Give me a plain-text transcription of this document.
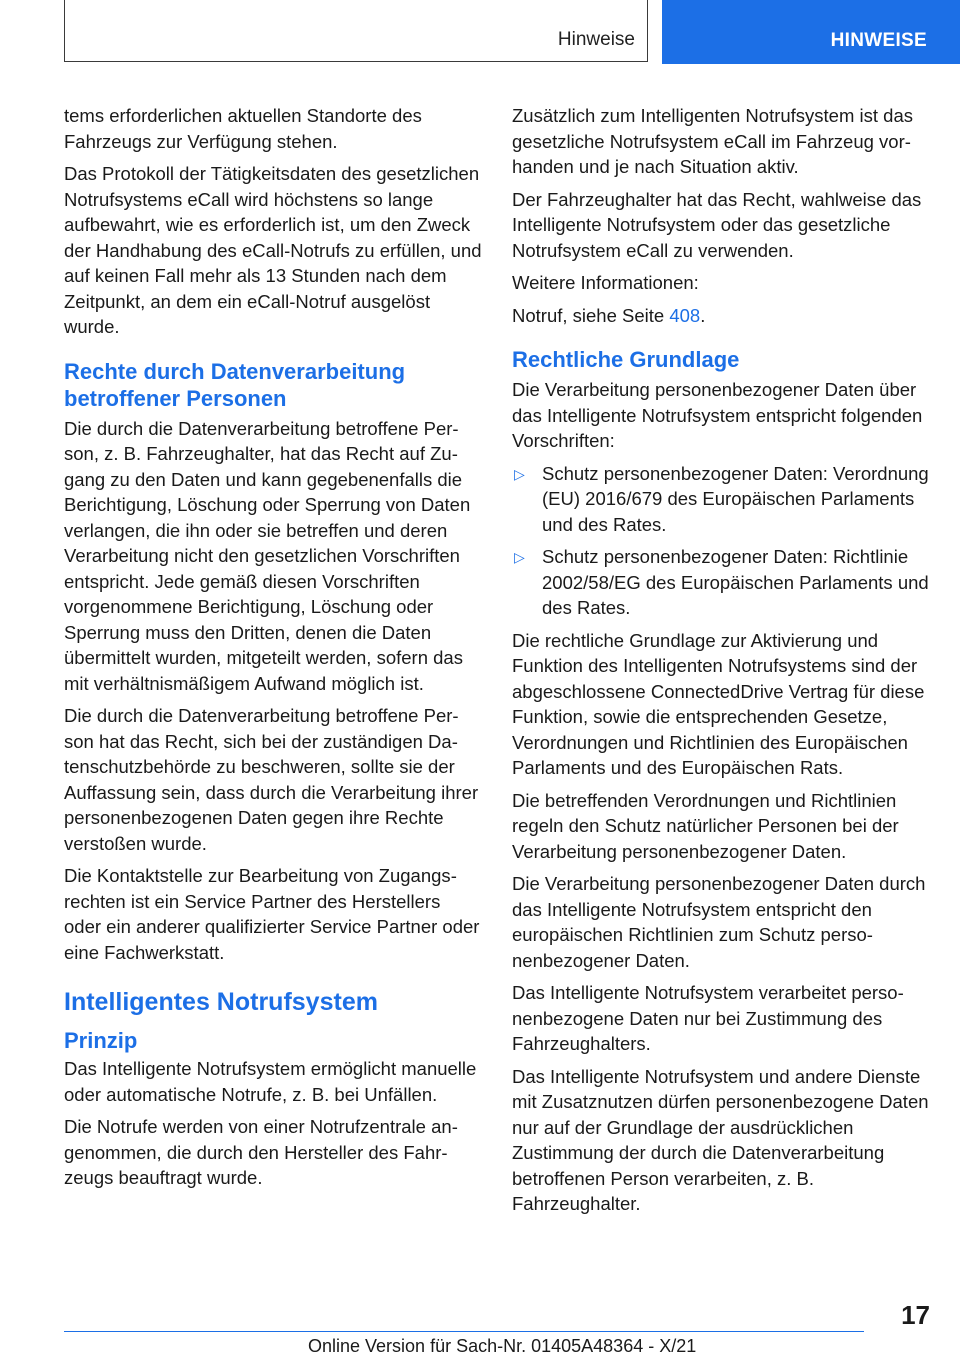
Hinweise	HINWEISE

tems erforderlichen aktuellen Standorte des Fahrzeugs zur Verfügung stehen.

Das Protokoll der Tätigkeitsdaten des gesetzlichen Notrufsystems eCall wird höchstens so lange aufbewahrt, wie es erforderlich ist, um den Zweck der Handhabung des eCall-Notrufs zu erfüllen, und auf keinen Fall mehr als 13 Stunden nach dem Zeitpunkt, an dem ein eCall-Notruf ausgelöst wurde.

Rechte durch Datenverarbeitung betroffener Personen

Die durch die Datenverarbeitung betroffene Person, z. B. Fahrzeughalter, hat das Recht auf Zugang zu den Daten und kann gegebenenfalls die Berichtigung, Löschung oder Sperrung von Daten verlangen, die ihn oder sie betreffen und deren Verarbeitung nicht den gesetzlichen Vorschriften entspricht. Jede gemäß diesen Vorschriften vorgenommene Berichtigung, Löschung oder Sperrung muss den Dritten, denen die Daten übermittelt wurden, mitgeteilt werden, sofern das mit verhältnismäßigem Aufwand möglich ist.

Die durch die Datenverarbeitung betroffene Person hat das Recht, sich bei der zuständigen Datenschutzbehörde zu beschweren, sollte sie der Auffassung sein, dass durch die Verarbeitung ihrer personenbezogenen Daten gegen ihre Rechte verstoßen wurde.

Die Kontaktstelle zur Bearbeitung von Zugangsrechten ist ein Service Partner des Herstellers oder ein anderer qualifizierter Service Partner oder eine Fachwerkstatt.

Intelligentes Notrufsystem
Prinzip

Das Intelligente Notrufsystem ermöglicht manuelle oder automatische Notrufe, z. B. bei Unfällen.

Die Notrufe werden von einer Notrufzentrale angenommen, die durch den Hersteller des Fahrzeugs beauftragt wurde.

Zusätzlich zum Intelligenten Notrufsystem ist das gesetzliche Notrufsystem eCall im Fahrzeug vorhanden und je nach Situation aktiv.

Der Fahrzeughalter hat das Recht, wahlweise das Intelligente Notrufsystem oder das gesetzliche Notrufsystem eCall zu verwenden.

Weitere Informationen:

Notruf, siehe Seite 408.

Rechtliche Grundlage

Die Verarbeitung personenbezogener Daten über das Intelligente Notrufsystem entspricht folgenden Vorschriften:

▷ Schutz personenbezogener Daten: Verordnung (EU) 2016/679 des Europäischen Parlaments und des Rates.
▷ Schutz personenbezogener Daten: Richtlinie 2002/58/EG des Europäischen Parlaments und des Rates.

Die rechtliche Grundlage zur Aktivierung und Funktion des Intelligenten Notrufsystems sind der abgeschlossene ConnectedDrive Vertrag für diese Funktion, sowie die entsprechenden Gesetze, Verordnungen und Richtlinien des Europäischen Parlaments und des Europäischen Rats.

Die betreffenden Verordnungen und Richtlinien regeln den Schutz natürlicher Personen bei der Verarbeitung personenbezogener Daten.

Die Verarbeitung personenbezogener Daten durch das Intelligente Notrufsystem entspricht den europäischen Richtlinien zum Schutz personenbezogener Daten.

Das Intelligente Notrufsystem verarbeitet personenbezogene Daten nur bei Zustimmung des Fahrzeughalters.

Das Intelligente Notrufsystem und andere Dienste mit Zusatznutzen dürfen personenbezogene Daten nur auf der Grundlage der ausdrücklichen Zustimmung der durch die Datenverarbeitung betroffenen Person verarbeiten, z. B. Fahrzeughalter.

17
Online Version für Sach-Nr. 01405A48364 - X/21
